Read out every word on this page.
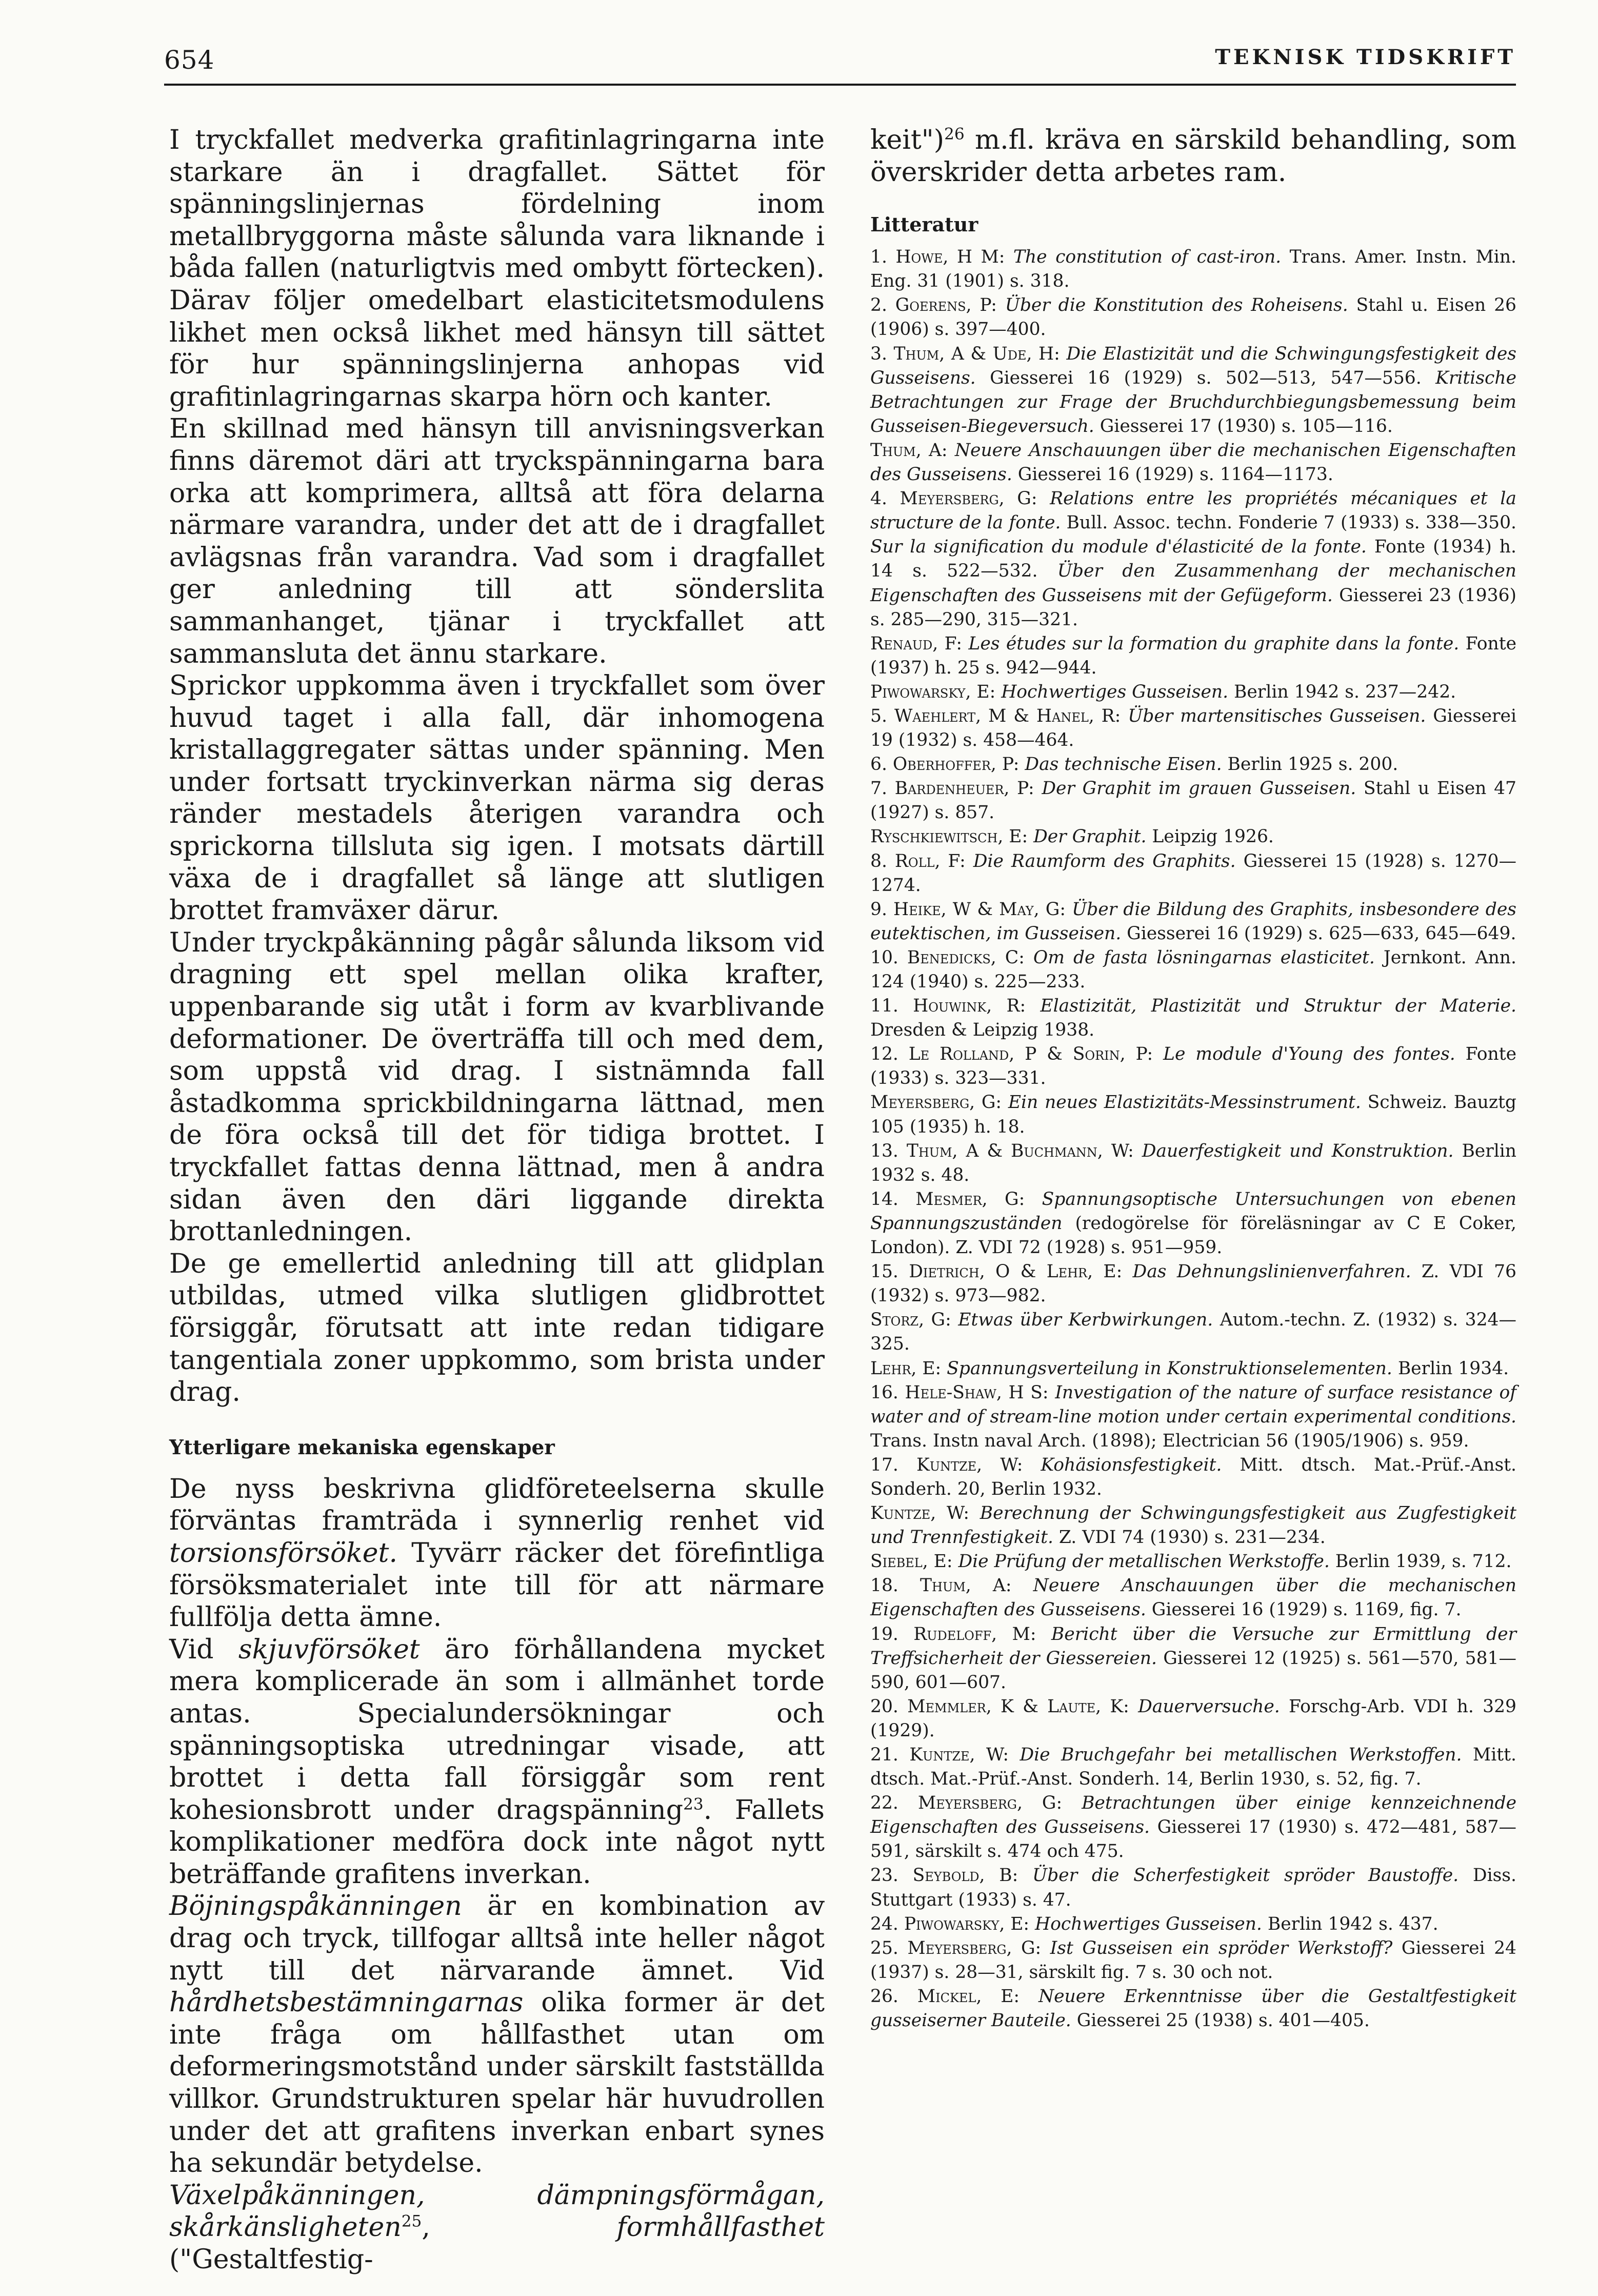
654	TEKNISK TIDSKRIFT

I tryckfallet medverka grafitinlagringarna inte starkare än i dragfallet. Sättet för spänningslinjernas fördelning inom metallbryggorna måste sålunda vara liknande i båda fallen (naturligtvis med ombytt förtecken). Därav följer omedelbart elasticitetsmodulens likhet men också likhet med hänsyn till sättet för hur spänningslinjerna anhopas vid grafitinlagringarnas skarpa hörn och kanter.

En skillnad med hänsyn till anvisningsverkan finns däremot däri att tryckspänningarna bara orka att komprimera, alltså att föra delarna närmare varandra, under det att de i dragfallet avlägsnas från varandra. Vad som i dragfallet ger anledning till att sönderslita sammanhanget, tjänar i tryckfallet att sammansluta det ännu starkare.

Sprickor uppkomma även i tryckfallet som över huvud taget i alla fall, där inhomogena kristallaggregater sättas under spänning. Men under fortsatt tryckinverkan närma sig deras ränder mestadels återigen varandra och sprickorna tillsluta sig igen. I motsats därtill växa de i dragfallet så länge att slutligen brottet framväxer därur.

Under tryckpåkänning pågår sålunda liksom vid dragning ett spel mellan olika krafter, uppenbarande sig utåt i form av kvarblivande deformationer. De överträffa till och med dem, som uppstå vid drag. I sistnämnda fall åstadkomma sprickbildningarna lättnad, men de föra också till det för tidiga brottet. I tryckfallet fattas denna lättnad, men å andra sidan även den däri liggande direkta brottanledningen.

De ge emellertid anledning till att glidplan utbildas, utmed vilka slutligen glidbrottet försiggår, förutsatt att inte redan tidigare tangentiala zoner uppkommo, som brista under drag.

Ytterligare mekaniska egenskaper

De nyss beskrivna glidföreteelserna skulle förväntas framträda i synnerlig renhet vid torsionsförsöket. Tyvärr räcker det förefintliga försöksmaterialet inte till för att närmare fullfölja detta ämne.

Vid skjuvförsöket äro förhållandena mycket mera komplicerade än som i allmänhet torde antas. Specialundersökningar och spänningsoptiska utredningar visade, att brottet i detta fall försiggår som rent kohesionsbrott under dragspänning$^{23}$. Fallets komplikationer medföra dock inte något nytt beträffande grafitens inverkan.

Böjningspåkänningen är en kombination av drag och tryck, tillfogar alltså inte heller något nytt till det närvarande ämnet. Vid hårdhetsbestämningarnas olika former är det inte fråga om hållfasthet utan om deformeringsmotstånd under särskilt fastställda villkor. Grundstrukturen spelar här huvudrollen under det att grafitens inverkan enbart synes ha sekundär betydelse.

Växelpåkänningen, dämpningsförmågan, skårkänsligheten$^{25}$, formhållfasthet ("Gestaltfestig-

keit")$^{26}$ m.fl. kräva en särskild behandling, som överskrider detta arbetes ram.

Litteratur

1. Howe, H M: The constitution of cast-iron. Trans. Amer. Instn. Min. Eng. 31 (1901) s. 318.

2. Goerens, P: Über die Konstitution des Roheisens. Stahl u. Eisen 26 (1906) s. 397—400.

3. Thum, A & Ude, H: Die Elastizität und die Schwingungsfestigkeit des Gusseisens. Giesserei 16 (1929) s. 502—513, 547—556. Kritische Betrachtungen zur Frage der Bruchdurchbiegungsbemessung beim Gusseisen-Biegeversuch. Giesserei 17 (1930) s. 105—116.

Thum, A: Neuere Anschauungen über die mechanischen Eigenschaften des Gusseisens. Giesserei 16 (1929) s. 1164—1173.

4. Meyersberg, G: Relations entre les propriétés mécaniques et la structure de la fonte. Bull. Assoc. techn. Fonderie 7 (1933) s. 338—350. Sur la signification du module d'élasticité de la fonte. Fonte (1934) h. 14 s. 522—532. Über den Zusammenhang der mechanischen Eigenschaften des Gusseisens mit der Gefügeform. Giesserei 23 (1936) s. 285—290, 315—321.

Renaud, F: Les études sur la formation du graphite dans la fonte. Fonte (1937) h. 25 s. 942—944.

Piwowarsky, E: Hochwertiges Gusseisen. Berlin 1942 s. 237—242.

5. Waehlert, M & Hanel, R: Über martensitisches Gusseisen. Giesserei 19 (1932) s. 458—464.

6. Oberhoffer, P: Das technische Eisen. Berlin 1925 s. 200.

7. Bardenheuer, P: Der Graphit im grauen Gusseisen. Stahl u Eisen 47 (1927) s. 857.

Ryschkiewitsch, E: Der Graphit. Leipzig 1926.

8. Roll, F: Die Raumform des Graphits. Giesserei 15 (1928) s. 1270—1274.

9. Heike, W & May, G: Über die Bildung des Graphits, insbesondere des eutektischen, im Gusseisen. Giesserei 16 (1929) s. 625—633, 645—649.

10. Benedicks, C: Om de fasta lösningarnas elasticitet. Jernkont. Ann. 124 (1940) s. 225—233.

11. Houwink, R: Elastizität, Plastizität und Struktur der Materie. Dresden & Leipzig 1938.

12. Le Rolland, P & Sorin, P: Le module d'Young des fontes. Fonte (1933) s. 323—331.

Meyersberg, G: Ein neues Elastizitäts-Messinstrument. Schweiz. Bauztg 105 (1935) h. 18.

13. Thum, A & Buchmann, W: Dauerfestigkeit und Konstruktion. Berlin 1932 s. 48.

14. Mesmer, G: Spannungsoptische Untersuchungen von ebenen Spannungszuständen (redogörelse för föreläsningar av C E Coker, London). Z. VDI 72 (1928) s. 951—959.

15. Dietrich, O & Lehr, E: Das Dehnungslinienverfahren. Z. VDI 76 (1932) s. 973—982.

Storz, G: Etwas über Kerbwirkungen. Autom.-techn. Z. (1932) s. 324—325.

Lehr, E: Spannungsverteilung in Konstruktionselementen. Berlin 1934.

16. Hele-Shaw, H S: Investigation of the nature of surface resistance of water and of stream-line motion under certain experimental conditions. Trans. Instn naval Arch. (1898); Electrician 56 (1905/1906) s. 959.

17. Kuntze, W: Kohäsionsfestigkeit. Mitt. dtsch. Mat.-Prüf.-Anst. Sonderh. 20, Berlin 1932.

Kuntze, W: Berechnung der Schwingungsfestigkeit aus Zugfestigkeit und Trennfestigkeit. Z. VDI 74 (1930) s. 231—234.

Siebel, E: Die Prüfung der metallischen Werkstoffe. Berlin 1939, s. 712.

18. Thum, A: Neuere Anschauungen über die mechanischen Eigenschaften des Gusseisens. Giesserei 16 (1929) s. 1169, fig. 7.

19. Rudeloff, M: Bericht über die Versuche zur Ermittlung der Treffsicherheit der Giessereien. Giesserei 12 (1925) s. 561—570, 581—590, 601—607.

20. Memmler, K & Laute, K: Dauerversuche. Forschg-Arb. VDI h. 329 (1929).

21. Kuntze, W: Die Bruchgefahr bei metallischen Werkstoffen. Mitt. dtsch. Mat.-Prüf.-Anst. Sonderh. 14, Berlin 1930, s. 52, fig. 7.

22. Meyersberg, G: Betrachtungen über einige kennzeichnende Eigenschaften des Gusseisens. Giesserei 17 (1930) s. 472—481, 587—591, särskilt s. 474 och 475.

23. Seybold, B: Über die Scherfestigkeit spröder Baustoffe. Diss. Stuttgart (1933) s. 47.

24. Piwowarsky, E: Hochwertiges Gusseisen. Berlin 1942 s. 437.

25. Meyersberg, G: Ist Gusseisen ein spröder Werkstoff? Giesserei 24 (1937) s. 28—31, särskilt fig. 7 s. 30 och not.

26. Mickel, E: Neuere Erkenntnisse über die Gestaltfestigkeit gusseiserner Bauteile. Giesserei 25 (1938) s. 401—405.
